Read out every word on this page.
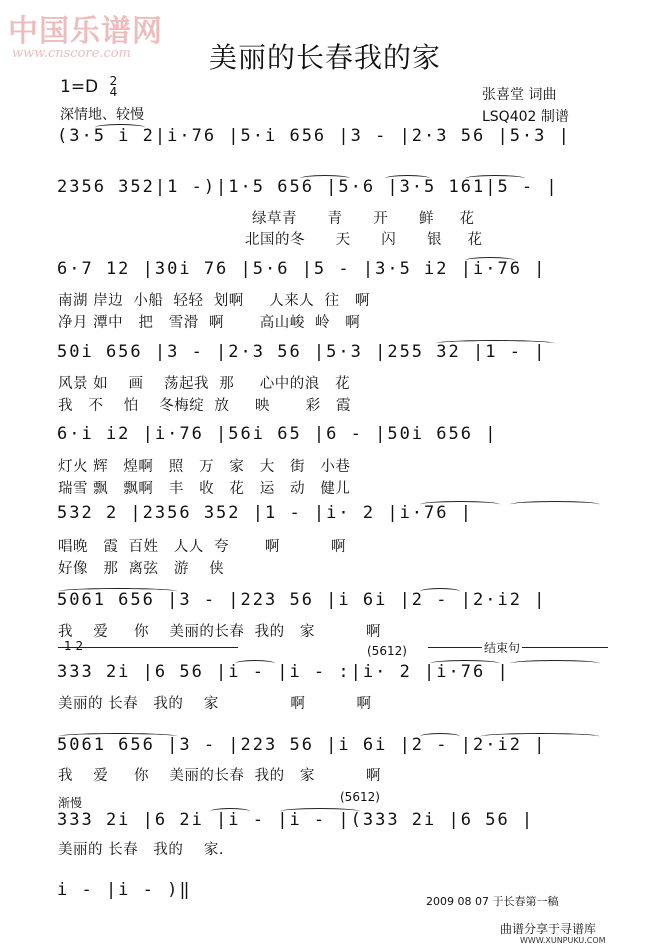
中国乐谱网
www.cnscore.com	美丽的长春我的家
1=D 2
4
深情地、较慢
张喜堂 词曲
LSQ402 制谱
(3·5 i 2|i·76 |5·i 656 |3 - |2·3 56 |5·3 |
2356 352|1 -)|1·5 656 |5·6 |3·5 161|5 - |
绿草青      青      开      鲜     花
北国的冬      天      闪      银     花
6·7 12 |30i 76 |5·6 |5 - |3·5 i2 |i·76 |
南湖 岸边  小船  轻轻  划啊     人来人  往   啊
净月 潭中   把   雪滑  啊       高山峻  岭   啊
50i 656 |3 - |2·3 56 |5·3 |255 32 |1 - |
风景 如    画    荡起我  那     心中的浪   花
我   不    怕    冬梅绽  放     映       彩   霞
6·i i2 |i·76 |56i 65 |6 - |50i 656 |
灯火 辉   煌啊   照   万   家   大   街   小巷
瑞雪 飘   飘啊   丰   收   花   运   动   健儿
532 2 |2356 352 |1 - |i· 2 |i·76 |
唱晚   霞  百姓   人人  夸       啊          啊
好像   那  离弦   游    侠
5061 656 |3 - |223 56 |i 6i |2 - |2·i2 |
我    爱     你    美丽的长春  我的   家          啊
1 2	(5612)	结束句
333 2i |6 56 |i - |i - :|i· 2 |i·76 |
美丽的 长春   我的    家              啊          啊
5061 656 |3 - |223 56 |i 6i |2 - |2·i2 |
我    爱     你    美丽的长春  我的   家          啊
渐慢	(5612)
333 2i |6 2i |i - |i - |(333 2i |6 56 |
美丽的 长春   我的    家.
i - |i - )‖
2009 08 07 于长春第一稿
曲谱分享于寻谱库
WWW.XUNPUKU.COM
